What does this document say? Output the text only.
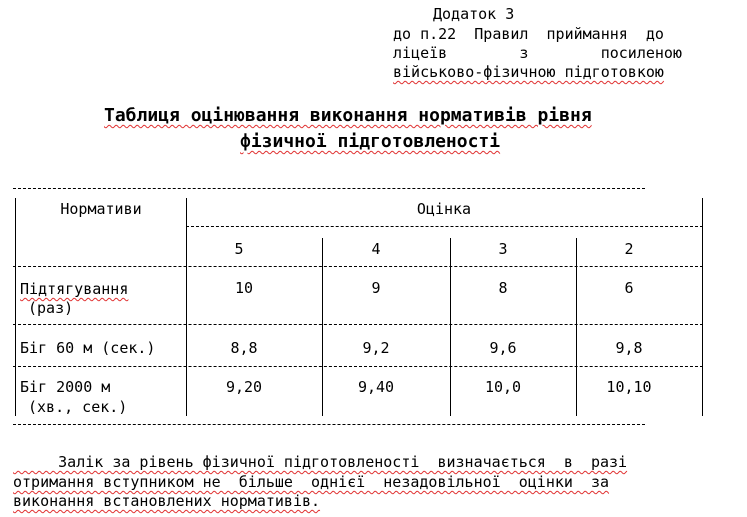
Додаток 3
до п.22  Правил  приймання  до
ліцеїв        з        посиленою
військово-фізичною підготовкою
Таблиця оцінювання виконання нормативів рівня
фізичної підготовленості
Нормативи	Оцінка
5	4	3	2
Підтягування
(раз)
10	9	8	6
Біг 60 м (сек.)	8,8	9,2	9,6	9,8
Біг 2000 м
(хв., сек.)
9,20	9,40	10,0	10,10
Залік за рівень фізичної підготовленості  визначається  в  разі
отримання вступником не  більше  однієї  незадовільної  оцінки  за
виконання встановлених нормативів.
